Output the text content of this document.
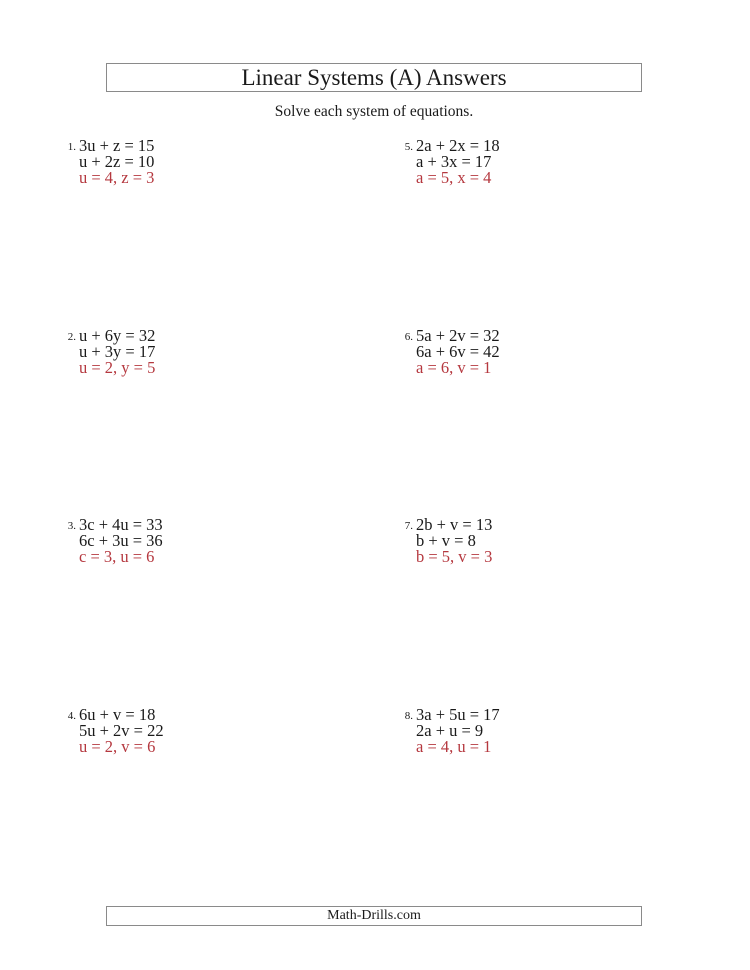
Linear Systems (A) Answers
Solve each system of equations.
1. 3u + z = 15
u + 2z = 10
u = 4, z = 3
2. u + 6y = 32
u + 3y = 17
u = 2, y = 5
3. 3c + 4u = 33
6c + 3u = 36
c = 3, u = 6
4. 6u + v = 18
5u + 2v = 22
u = 2, v = 6
5. 2a + 2x = 18
a + 3x = 17
a = 5, x = 4
6. 5a + 2v = 32
6a + 6v = 42
a = 6, v = 1
7. 2b + v = 13
b + v = 8
b = 5, v = 3
8. 3a + 5u = 17
2a + u = 9
a = 4, u = 1
Math-Drills.com
